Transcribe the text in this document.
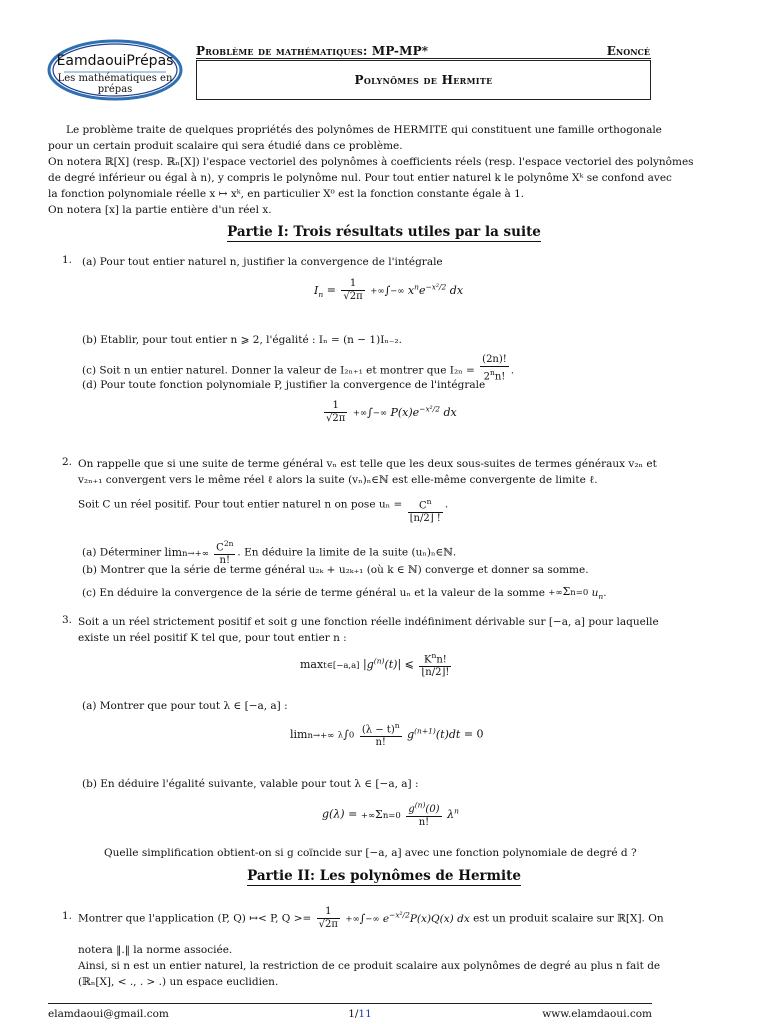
EamdaouiPrépas
Les mathématiques en prépas
Problème de mathématiques: MP-MP*	Enoncé
Polynômes de Hermite
Le problème traite de quelques propriétés des polynômes de HERMITE qui constituent une famille orthogonale
pour un certain produit scalaire qui sera étudié dans ce problème.
On notera ℝ[X] (resp. ℝₙ[X]) l'espace vectoriel des polynômes à coefficients réels (resp. l'espace vectoriel des polynômes
de degré inférieur ou égal à n), y compris le polynôme nul. Pour tout entier naturel k le polynôme Xᵏ se confond avec
la fonction polynomiale réelle x ↦ xᵏ, en particulier X⁰ est la fonction constante égale à 1.
On notera [x] la partie entière d'un réel x.
Partie I: Trois résultats utiles par la suite
1. (a) Pour tout entier naturel n, justifier la convergence de l'intégrale
$I_n = \frac{1}{√2\pi}$ +∞∫−∞ $x^ne^{-x^2/2}$ dx
(b) Etablir, pour tout entier n ⩾ 2, l'égalité : Iₙ = (n − 1)Iₙ₋₂.
(c) Soit n un entier naturel. Donner la valeur de I₂ₙ₊₁ et montrer que $I_{2n} = \frac{(2n)!}{2^nn!}$ .
(d) Pour toute fonction polynomiale P, justifier la convergence de l'intégrale
$\frac{1}{√2\pi}$ +∞∫−∞ $P(x)e^{-x^2/2}$ dx
2. On rappelle que si une suite de terme général vₙ est telle que les deux sous-suites de termes généraux v₂ₙ et
v₂ₙ₊₁ convergent vers le même réel ℓ alors la suite (vₙ)ₙ∈ℕ est elle-même convergente de limite ℓ.
Soit C un réel positif. Pour tout entier naturel n on pose $u_n = \frac{C^n}{⌊n/2⌋ !}$ .
(a) Déterminer $\lim n\to+\infty \frac{C^{2n}}{n!}$ . En déduire la limite de la suite (uₙ)ₙ∈ℕ.
(b) Montrer que la série de terme général u₂ₖ + u₂ₖ₊₁ (où k ∈ ℕ) converge et donner sa somme.
(c) En déduire la convergence de la série de terme général uₙ et la valeur de la somme +∞Σn=0 $u_n$.
3. Soit a un réel strictement positif et soit g une fonction réelle indéfiniment dérivable sur [−a, a] pour laquelle
existe un réel positif K tel que, pour tout entier n :
maxt∈[−a,a] $|g^{(n)}(t)|$ ⩽ $\frac{K^nn!}{⌊n/2⌋!}$
(a) Montrer que pour tout λ ∈ [−a, a] :
limn→+∞ $\lambda\int 0 \frac{(\lambda - t)^n}{n!} g^{(n+1)}(t)dt = 0$
(b) En déduire l'égalité suivante, valable pour tout λ ∈ [−a, a] :
$g(\lambda) = +\infty\Sigma n=0 \frac{g^{(n)}(0)}{n!} \lambda^n$
Quelle simplification obtient-on si g coïncide sur [−a, a] avec une fonction polynomiale de degré d ?
Partie II: Les polynômes de Hermite
1. Montrer que l'application (P, Q) ↦< P, $Q >= \frac{1}{√2\pi}$ +∞∫−∞ $e^{-x^2/2}P(x)Q(x)$ dx est un produit scalaire sur ℝ[X]. On
notera ‖.‖ la norme associée.
Ainsi, si n est un entier naturel, la restriction de ce produit scalaire aux polynômes de degré au plus n fait de
(ℝₙ[X], < ., . > .) un espace euclidien.
elamdaoui@gmail.com	1/11	www.elamdaoui.com
